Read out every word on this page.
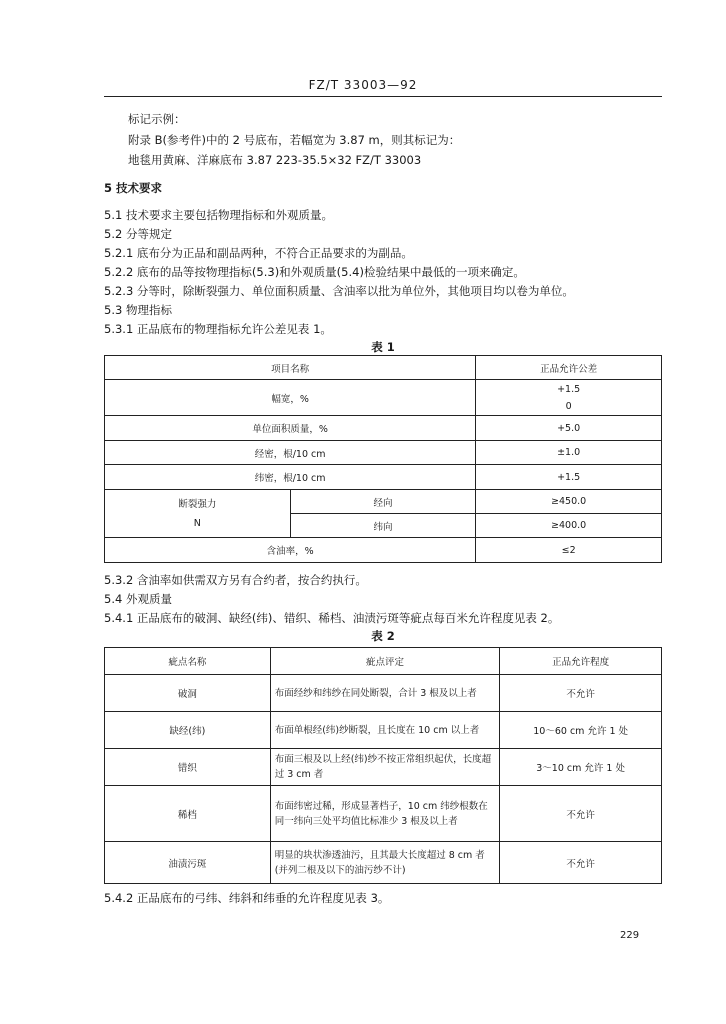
FZ/T 33003—92
标记示例：
附录 B(参考件)中的 2 号底布，若幅宽为 3.87 m，则其标记为：
地毯用黄麻、洋麻底布 3.87 223-35.5×32 FZ/T 33003
5 技术要求
5.1 技术要求主要包括物理指标和外观质量。
5.2 分等规定
5.2.1 底布分为正品和副品两种，不符合正品要求的为副品。
5.2.2 底布的品等按物理指标(5.3)和外观质量(5.4)检验结果中最低的一项来确定。
5.2.3 分等时，除断裂强力、单位面积质量、含油率以批为单位外，其他项目均以卷为单位。
5.3 物理指标
5.3.1 正品底布的物理指标允许公差见表 1。
表 1
项目名称		正品允许公差
幅宽，%		+1.5
0

单位面积质量，%		+5.0
经密，根/10 cm		±1.0
纬密，根/10 cm		+1.5

断裂强力
N	经向	≥450.0
	纬向	≥400.0
含油率，%		≤2
5.3.2 含油率如供需双方另有合约者，按合约执行。
5.4 外观质量
5.4.1 正品底布的破洞、缺经(纬)、错织、稀档、油渍污斑等疵点每百米允许程度见表 2。
表 2
疵点名称	疵点评定	正品允许程度
破洞	布面经纱和纬纱在同处断裂，合计 3 根及以上者	不允许
缺经(纬)	布面单根经(纬)纱断裂，且长度在 10 cm 以上者	10～60 cm 允许 1 处
错织	布面三根及以上经(纬)纱不按正常组织起伏，长度超过 3 cm 者	3～10 cm 允许 1 处
稀档	布面纬密过稀，形成显著档子，10 cm 纬纱根数在同一纬向三处平均值比标准少 3 根及以上者	不允许
油渍污斑	明显的块状渗透油污，且其最大长度超过 8 cm 者(并列二根及以下的油污纱不计)	不允许
5.4.2 正品底布的弓纬、纬斜和纬垂的允许程度见表 3。
229
